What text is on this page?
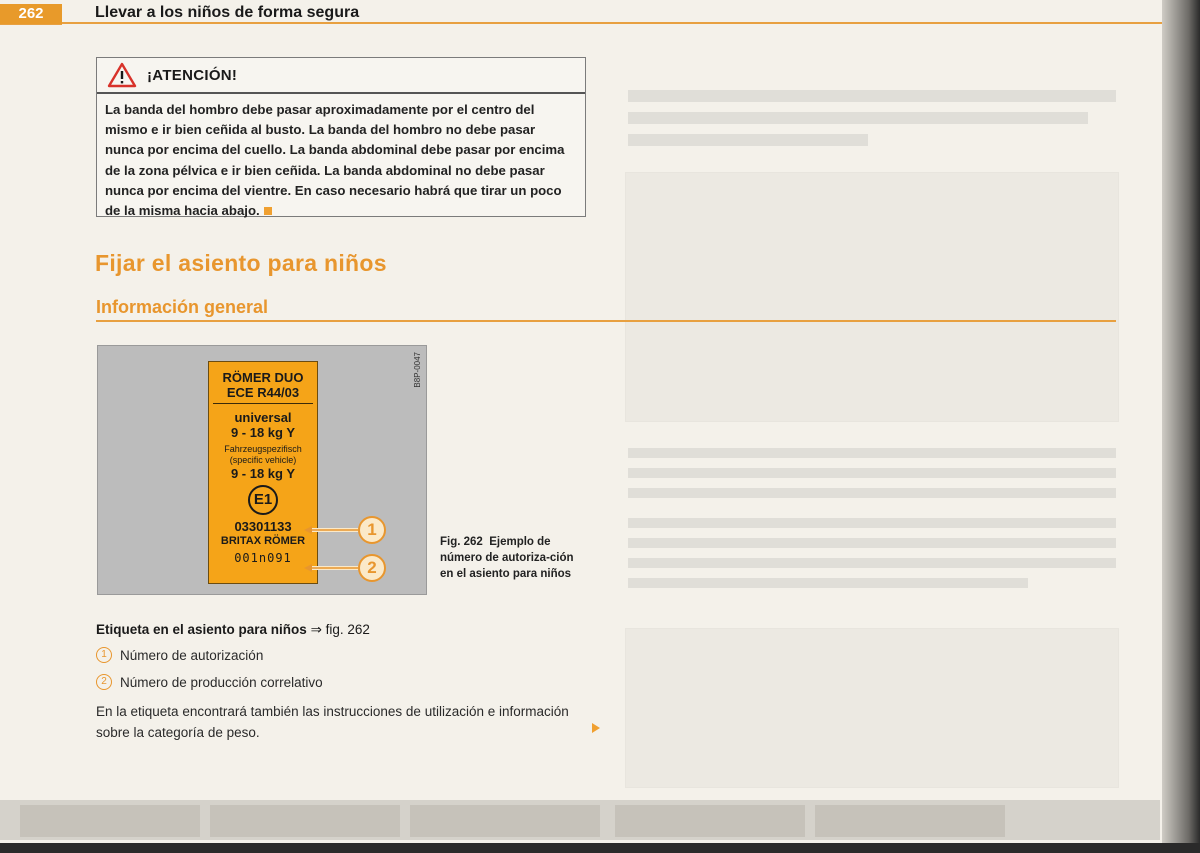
262	Llevar a los niños de forma segura
¡ATENCIÓN!
La banda del hombro debe pasar aproximadamente por el centro del mismo e ir bien ceñida al busto. La banda del hombro no debe pasar nunca por encima del cuello. La banda abdominal debe pasar por encima de la zona pélvica e ir bien ceñida. La banda abdominal no debe pasar nunca por encima del vientre. En caso necesario habrá que tirar un poco de la misma hacia abajo.
Fijar el asiento para niños
Información general
B8P-0047
RÖMER DUO
ECE R44/03
universal
9 - 18 kg Y
Fahrzeugspezifisch
(specific vehicle)
9 - 18 kg Y
E1
03301133
BRITAX RÖMER
001n091
1
2
Fig. 262 Ejemplo de número de autoriza-ción en el asiento para niños
Etiqueta en el asiento para niños ⇒ fig. 262
1 Número de autorización
2 Número de producción correlativo
En la etiqueta encontrará también las instrucciones de utilización e información sobre la categoría de peso.
